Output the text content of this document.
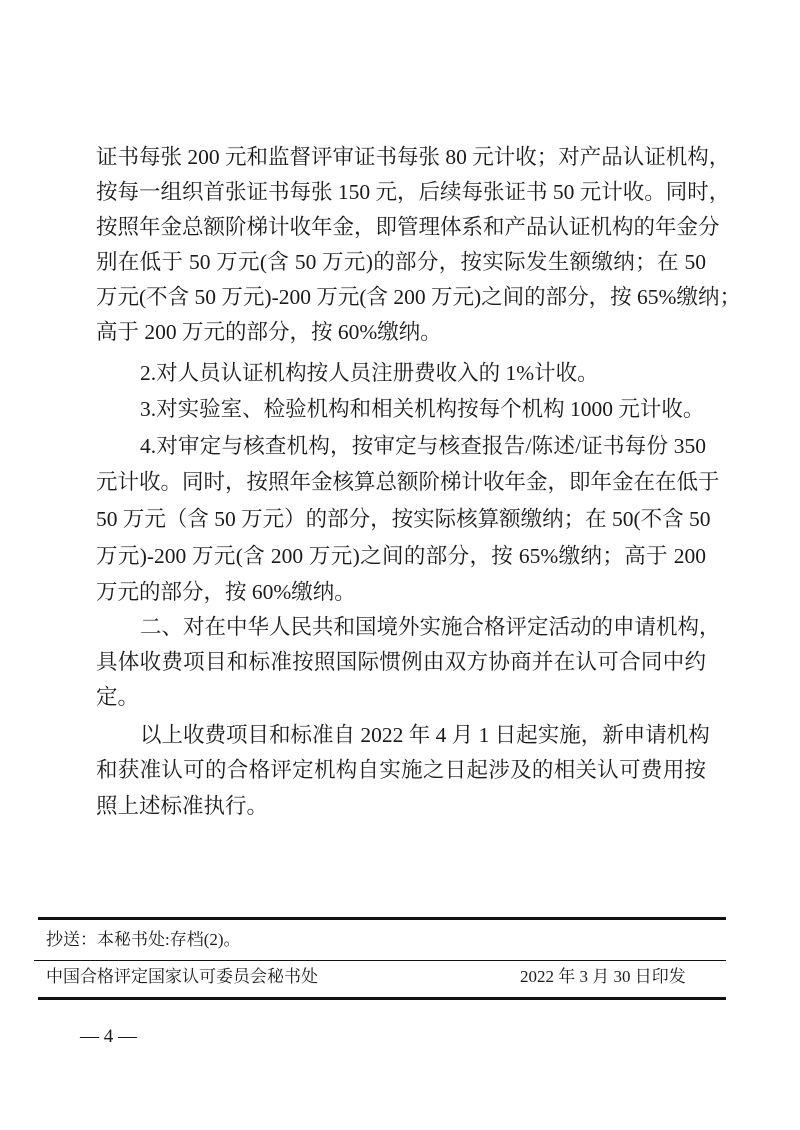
证书每张 200 元和监督评审证书每张 80 元计收；对产品认证机构，
按每一组织首张证书每张 150 元，后续每张证书 50 元计收。同时，
按照年金总额阶梯计收年金，即管理体系和产品认证机构的年金分
别在低于 50 万元(含 50 万元)的部分，按实际发生额缴纳；在 50
万元(不含 50 万元)-200 万元(含 200 万元)之间的部分，按 65%缴纳；
高于 200 万元的部分，按 60%缴纳。
2.对人员认证机构按人员注册费收入的 1%计收。
3.对实验室、检验机构和相关机构按每个机构 1000 元计收。
4.对审定与核查机构，按审定与核查报告/陈述/证书每份 350
元计收。同时，按照年金核算总额阶梯计收年金，即年金在在低于
50 万元（含 50 万元）的部分，按实际核算额缴纳；在 50(不含 50
万元)-200 万元(含 200 万元)之间的部分，按 65%缴纳；高于 200
万元的部分，按 60%缴纳。
二、对在中华人民共和国境外实施合格评定活动的申请机构，
具体收费项目和标准按照国际惯例由双方协商并在认可合同中约
定。
以上收费项目和标准自 2022 年 4 月 1 日起实施，新申请机构
和获准认可的合格评定机构自实施之日起涉及的相关认可费用按
照上述标准执行。
抄送：本秘书处:存档(2)。
中国合格评定国家认可委员会秘书处	2022 年 3 月 30 日印发
— 4 —
